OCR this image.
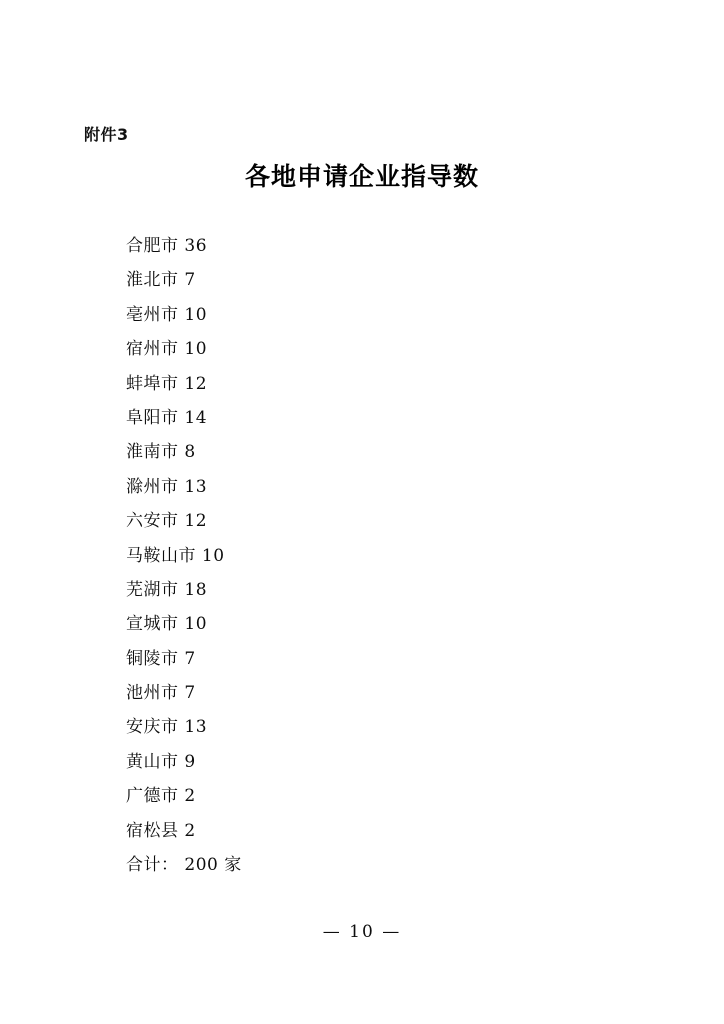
附件3
各地申请企业指导数
合肥市 36
淮北市 7
亳州市 10
宿州市 10
蚌埠市 12
阜阳市 14
淮南市 8
滁州市 13
六安市 12
马鞍山市 10
芜湖市 18
宣城市 10
铜陵市 7
池州市 7
安庆市 13
黄山市 9
广德市 2
宿松县 2
合计： 200 家
— 10 —
